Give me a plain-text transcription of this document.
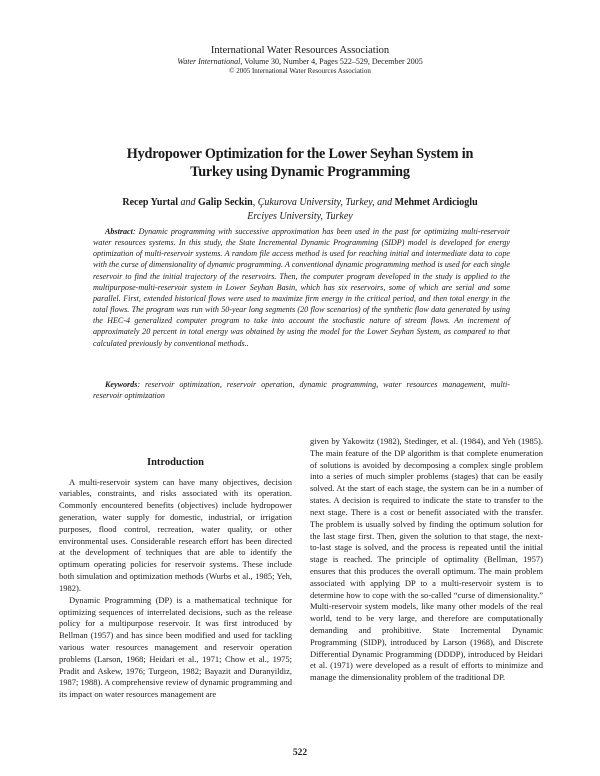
International Water Resources Association
Water International, Volume 30, Number 4, Pages 522–529, December 2005
© 2005 International Water Resources Association
Hydropower Optimization for the Lower Seyhan System in
Turkey using Dynamic Programming
Recep Yurtal and Galip Seckin, Çukurova University, Turkey, and Mehmet Ardicioglu
Erciyes University, Turkey
Abstract: Dynamic programming with successive approximation has been used in the past for optimizing multi-reservoir water resources systems. In this study, the State Incremental Dynamic Programming (SIDP) model is developed for energy optimization of multi-reservoir systems. A random file access method is used for reaching initial and intermediate data to cope with the curse of dimensionality of dynamic programming. A conventional dynamic programming method is used for each single reservoir to find the initial trajectory of the reservoirs. Then, the computer program developed in the study is applied to the multipurpose-multi-reservoir system in Lower Seyhan Basin, which has six reservoirs, some of which are serial and some parallel. First, extended historical flows were used to maximize firm energy in the critical period, and then total energy in the total flows. The program was run with 50-year long segments (20 flow scenarios) of the synthetic flow data generated by using the HEC-4 generalized computer program to take into account the stochastic nature of stream flows. An increment of approximately 20 percent in total energy was obtained by using the model for the Lower Seyhan System, as compared to that calculated previously by conventional methods..
Keywords: reservoir optimization, reservoir operation, dynamic programming, water resources management, multi-reservoir optimization
Introduction

A multi-reservoir system can have many objectives, decision variables, constraints, and risks associated with its operation. Commonly encountered benefits (objectives) include hydropower generation, water supply for domestic, industrial, or irrigation purposes, flood control, recreation, water quality, or other environmental uses. Considerable research effort has been directed at the development of techniques that are able to identify the optimum operating policies for reservoir systems. These include both simulation and optimization methods (Wurbs et al., 1985; Yeh, 1982).

Dynamic Programming (DP) is a mathematical technique for optimizing sequences of interrelated decisions, such as the release policy for a multipurpose reservoir. It was first introduced by Bellman (1957) and has since been modified and used for tackling various water resources management and reservoir operation problems (Larson, 1968; Heidari et al., 1971; Chow et al., 1975; Pradit and Askew, 1976; Turgeon, 1982; Bayazit and Duranyildiz, 1987; 1988). A comprehensive review of dynamic programming and its impact on water resources management are

given by Yakowitz (1982), Stedinger, et al. (1984), and Yeh (1985). The main feature of the DP algorithm is that complete enumeration of solutions is avoided by decomposing a complex single problem into a series of much simpler problems (stages) that can be easily solved. At the start of each stage, the system can be in a number of states. A decision is required to indicate the state to transfer to the next stage. There is a cost or benefit associated with the transfer. The problem is usually solved by finding the optimum solution for the last stage first. Then, given the solution to that stage, the next-to-last stage is solved, and the process is repeated until the initial stage is reached. The principle of optimality (Bellman, 1957) ensures that this produces the overall optimum. The main problem associated with applying DP to a multi-reservoir system is to determine how to cope with the so-called “curse of dimensionality.” Multi-reservoir system models, like many other models of the real world, tend to be very large, and therefore are computationally demanding and prohibitive. State Incremental Dynamic Programming (SIDP), introduced by Larson (1968), and Discrete Differential Dynamic Programming (DDDP), introduced by Heidari et al. (1971) were developed as a result of efforts to minimize and manage the dimensionality problem of the traditional DP.

522
